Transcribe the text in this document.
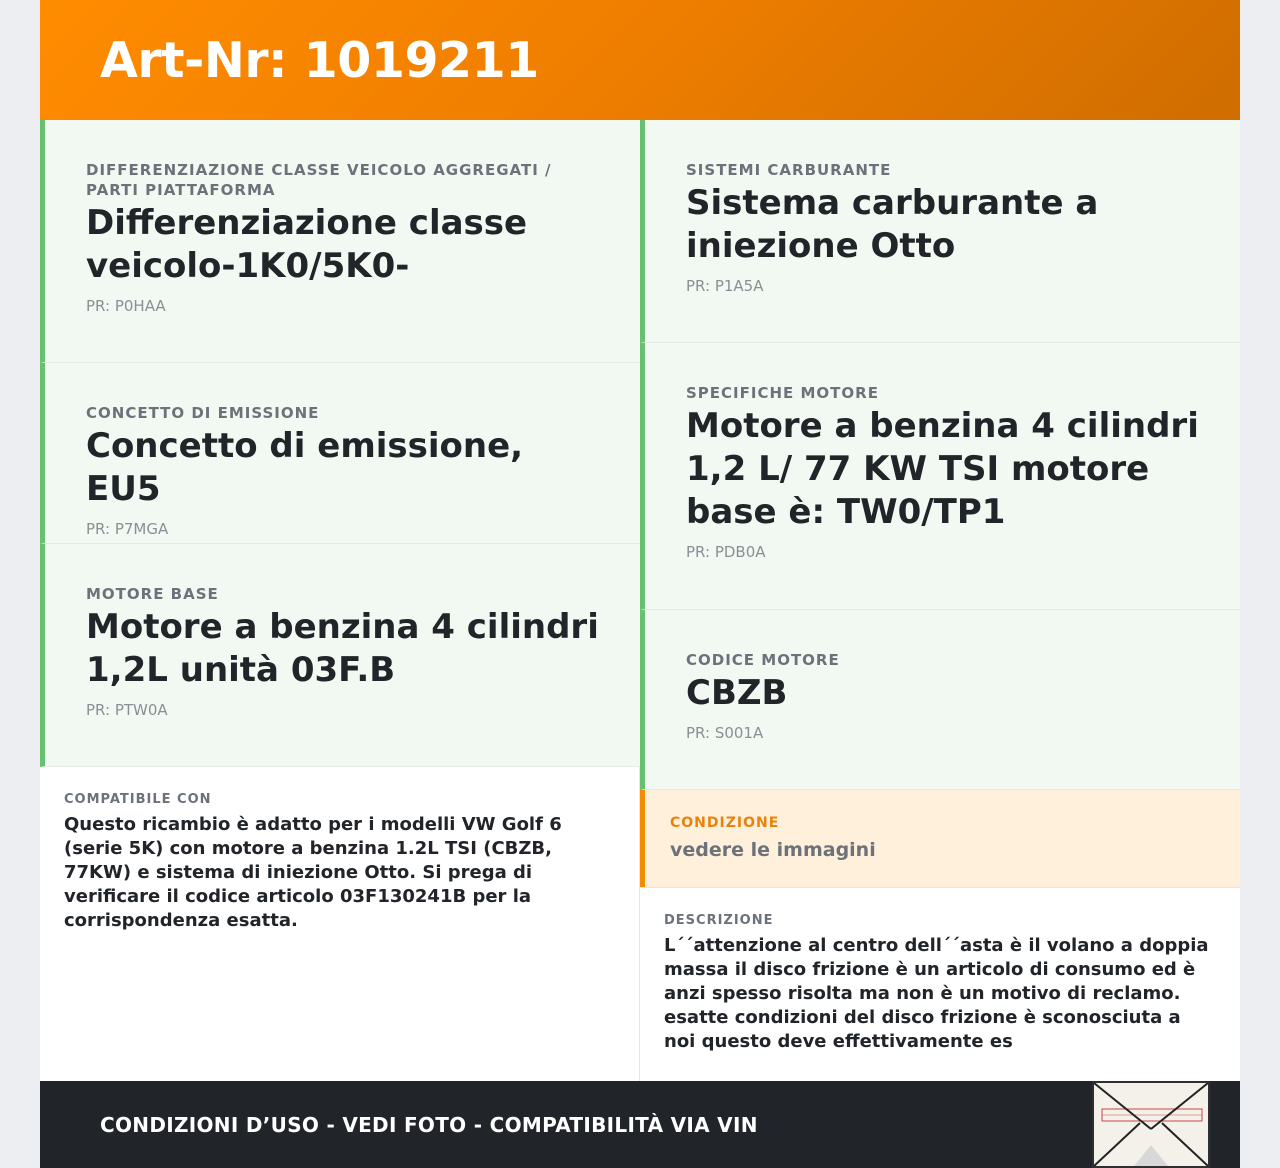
Art-Nr: 1019211
DIFFERENZIAZIONE CLASSE VEICOLO AGGREGATI / PARTI PIATTAFORMA
Differenziazione classe veicolo-1K0/5K0-
PR: P0HAA
CONCETTO DI EMISSIONE
Concetto di emissione, EU5
PR: P7MGA
MOTORE BASE
Motore a benzina 4 cilindri 1,2L unità 03F.B
PR: PTW0A
COMPATIBILE CON
Questo ricambio è adatto per i modelli VW Golf 6 (serie 5K) con motore a benzina 1.2L TSI (CBZB, 77KW) e sistema di iniezione Otto. Si prega di verificare il codice articolo 03F130241B per la corrispondenza esatta.
SISTEMI CARBURANTE
Sistema carburante a iniezione Otto
PR: P1A5A
SPECIFICHE MOTORE
Motore a benzina 4 cilindri 1,2 L/ 77 KW TSI motore base è: TW0/TP1
PR: PDB0A
CODICE MOTORE
CBZB
PR: S001A
CONDIZIONE
vedere le immagini
DESCRIZIONE
L´´attenzione al centro dell´´asta è il volano a doppia massa il disco frizione è un articolo di consumo ed è anzi spesso risolta ma non è un motivo di reclamo. esatte condizioni del disco frizione è sconosciuta a noi questo deve effettivamente es
CONDIZIONI D’USO - VEDI FOTO - COMPATIBILITÀ VIA VIN
